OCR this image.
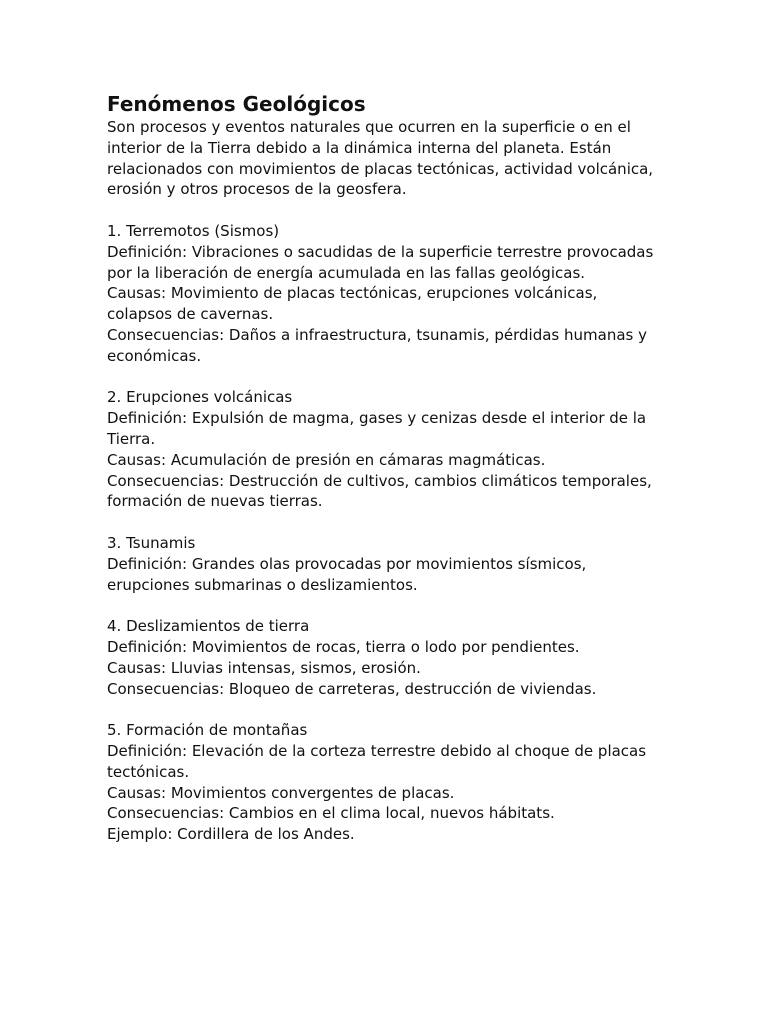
Fenómenos Geológicos

Son procesos y eventos naturales que ocurren en la superficie o en el

interior de la Tierra debido a la dinámica interna del planeta. Están

relacionados con movimientos de placas tectónicas, actividad volcánica,

erosión y otros procesos de la geosfera.

1. Terremotos (Sismos)

Definición: Vibraciones o sacudidas de la superficie terrestre provocadas

por la liberación de energía acumulada en las fallas geológicas.

Causas: Movimiento de placas tectónicas, erupciones volcánicas,

colapsos de cavernas.

Consecuencias: Daños a infraestructura, tsunamis, pérdidas humanas y

económicas.

2. Erupciones volcánicas

Definición: Expulsión de magma, gases y cenizas desde el interior de la

Tierra.

Causas: Acumulación de presión en cámaras magmáticas.

Consecuencias: Destrucción de cultivos, cambios climáticos temporales,

formación de nuevas tierras.

3. Tsunamis

Definición: Grandes olas provocadas por movimientos sísmicos,

erupciones submarinas o deslizamientos.

4. Deslizamientos de tierra

Definición: Movimientos de rocas, tierra o lodo por pendientes.

Causas: Lluvias intensas, sismos, erosión.

Consecuencias: Bloqueo de carreteras, destrucción de viviendas.

5. Formación de montañas

Definición: Elevación de la corteza terrestre debido al choque de placas

tectónicas.

Causas: Movimientos convergentes de placas.

Consecuencias: Cambios en el clima local, nuevos hábitats.

Ejemplo: Cordillera de los Andes.
